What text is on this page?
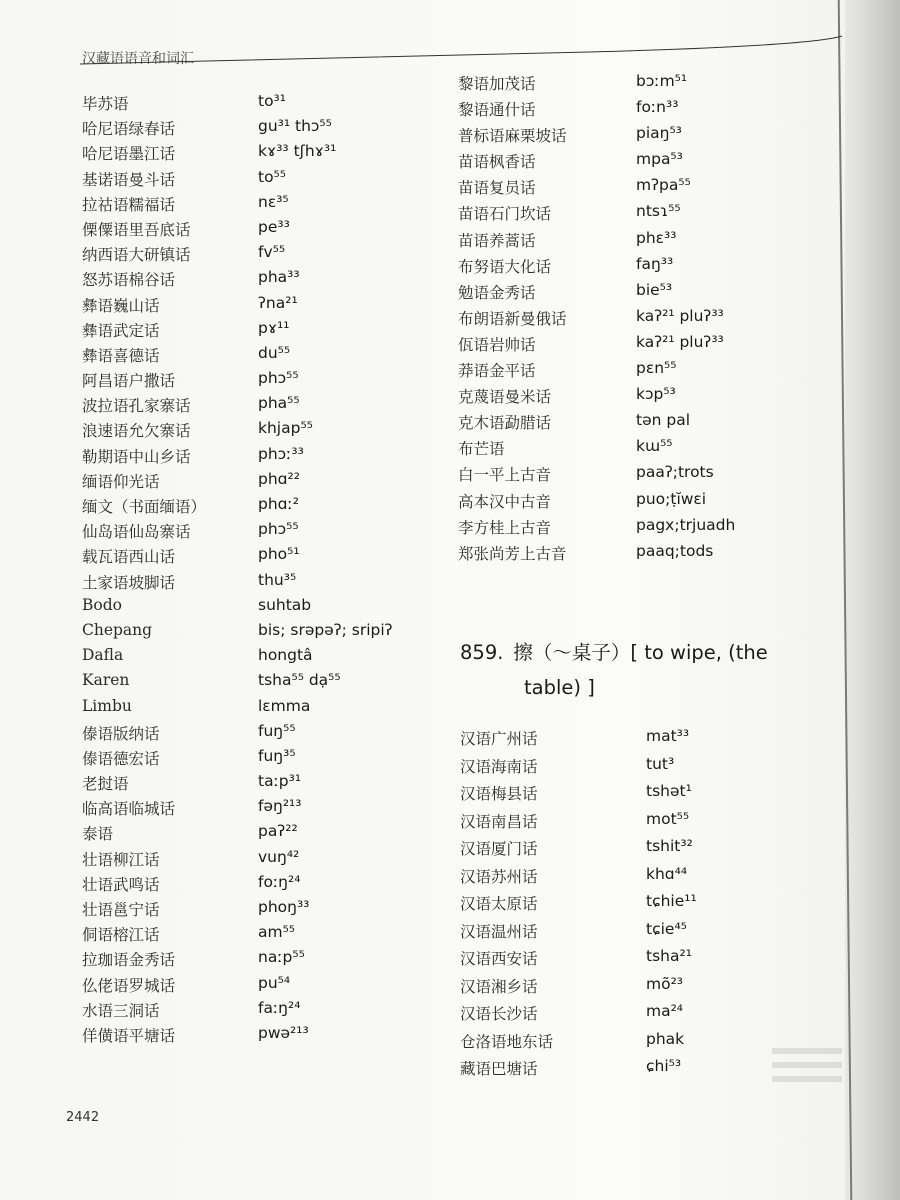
汉藏语语音和词汇
毕苏语	to³¹
哈尼语绿春话	gu³¹ thɔ⁵⁵
哈尼语墨江话	kɤ³³ tʃhɤ³¹
基诺语曼斗话	to⁵⁵
拉祜语糯福话	nɛ³⁵
傈僳语里吾底话	pe³³
纳西语大研镇话	fv⁵⁵
怒苏语棉谷话	pha³³
彝语巍山话	ʔna²¹
彝语武定话	pɤ¹¹
彝语喜德话	du⁵⁵
阿昌语户撒话	phɔ⁵⁵
波拉语孔家寨话	pha⁵⁵
浪速语允欠寨话	khjap⁵⁵
勒期语中山乡话	phɔː³³
缅语仰光话	phɑ²²
缅文（书面缅语）	phɑː²
仙岛语仙岛寨话	phɔ⁵⁵
载瓦语西山话	pho⁵¹
土家语坡脚话	thu³⁵
Bodo	suhtab
Chepang	bis; srəpəʔ; sripiʔ
Dafla	hongtâ
Karen	tsha⁵⁵ dạ⁵⁵
Limbu	lɛmma
傣语版纳话	fuŋ⁵⁵
傣语德宏话	fuŋ³⁵
老挝语	taːp³¹
临高语临城话	fəŋ²¹³
泰语	paʔ²²
壮语柳江话	vuŋ⁴²
壮语武鸣话	foːŋ²⁴
壮语邕宁话	phoŋ³³
侗语榕江话	am⁵⁵
拉珈语金秀话	naːp⁵⁵
仫佬语罗城话	pu⁵⁴
水语三洞话	faːŋ²⁴
佯僙语平塘话	pwə²¹³
黎语加茂话	bɔːm⁵¹
黎语通什话	foːn³³
普标语麻栗坡话	piaŋ⁵³
苗语枫香话	mpa⁵³
苗语复员话	mʔpa⁵⁵
苗语石门坎话	ntsɿ⁵⁵
苗语养蒿话	phɛ³³
布努语大化话	faŋ³³
勉语金秀话	bie⁵³
布朗语新曼俄话	kaʔ²¹ pluʔ³³
佤语岩帅话	kaʔ²¹ pluʔ³³
莽语金平话	pɛn⁵⁵
克蔑语曼米话	kɔp⁵³
克木语勐腊话	tən pal
布芒语	kɯ⁵⁵
白一平上古音	paaʔ;trots
高本汉中古音	puo;ṭĭwɛi
李方桂上古音	pagx;trjuadh
郑张尚芳上古音	paaq;tods
859. 擦（～桌子）[ to wipe, (the
table) ]
汉语广州话	mat³³
汉语海南话	tut³
汉语梅县话	tshət¹
汉语南昌话	mot⁵⁵
汉语厦门话	tshit³²
汉语苏州话	khɑ⁴⁴
汉语太原话	tɕhie¹¹
汉语温州话	tɕie⁴⁵
汉语西安话	tsha²¹
汉语湘乡话	mõ²³
汉语长沙话	ma²⁴
仓洛语地东话	phak
藏语巴塘话	ɕhi⁵³
2442
